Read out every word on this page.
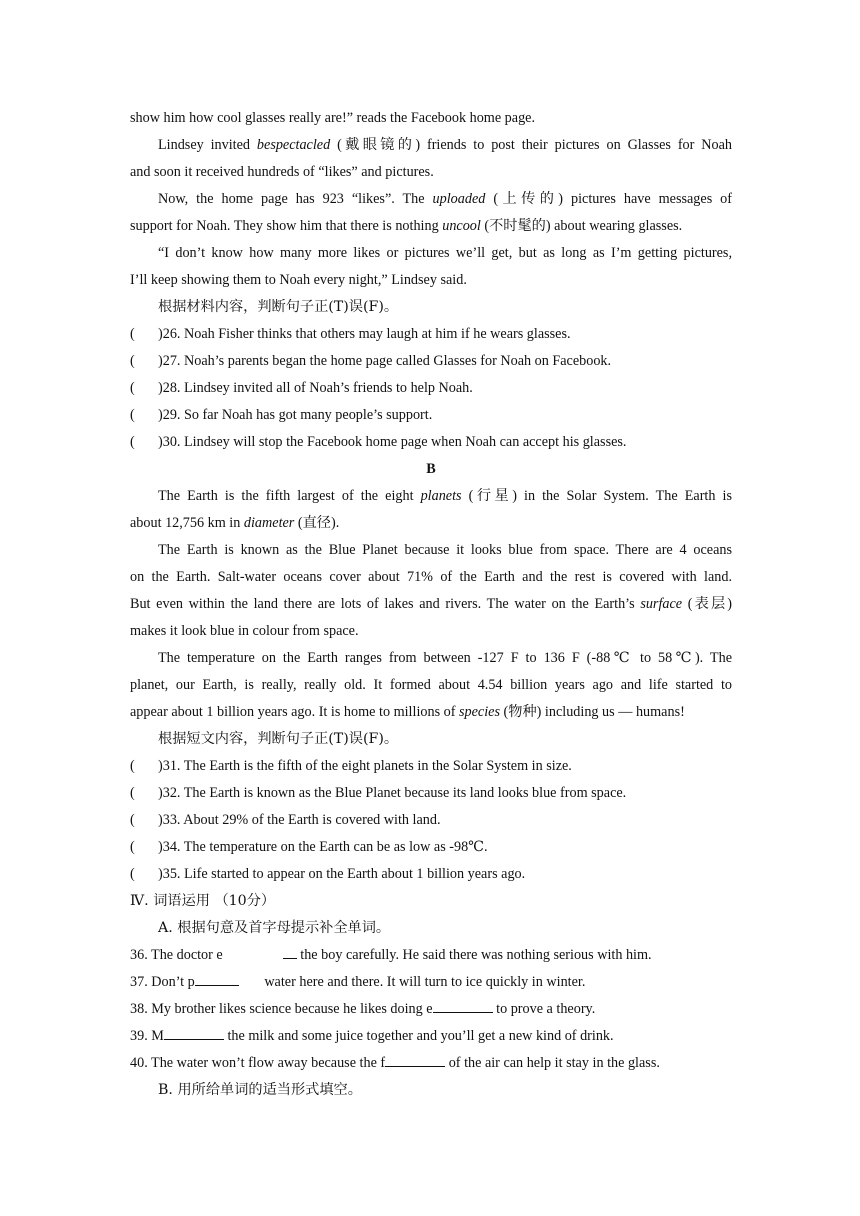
show him how cool glasses really are!” reads the Facebook home page.
Lindsey invited bespectacled (戴眼镜的) friends to post their pictures on Glasses for Noah
and soon it received hundreds of “likes” and pictures.
Now, the home page has 923 “likes”. The uploaded (上传的) pictures have messages of
support for Noah. They show him that there is nothing uncool (不时髦的) about wearing glasses.
“I don’t know how many more likes or pictures we’ll get, but as long as I’m getting pictures,
I’ll keep showing them to Noah every night,” Lindsey said.
根据材料内容，判断句子正(T)误(F)。
( )26. Noah Fisher thinks that others may laugh at him if he wears glasses.
( )27. Noah’s parents began the home page called Glasses for Noah on Facebook.
( )28. Lindsey invited all of Noah’s friends to help Noah.
( )29. So far Noah has got many people’s support.
( )30. Lindsey will stop the Facebook home page when Noah can accept his glasses.
B
The Earth is the fifth largest of the eight planets (行星) in the Solar System. The Earth is
about 12,756 km in diameter (直径).
The Earth is known as the Blue Planet because it looks blue from space. There are 4 oceans
on the Earth. Salt-water oceans cover about 71% of the Earth and the rest is covered with land.
But even within the land there are lots of lakes and rivers. The water on the Earth’s surface (表层)
makes it look blue in colour from space.
The temperature on the Earth ranges from between -127 F to 136 F (-88℃ to 58℃). The
planet, our Earth, is really, really old. It formed about 4.54 billion years ago and life started to
appear about 1 billion years ago. It is home to millions of species (物种) including us — humans!
根据短文内容，判断句子正(T)误(F)。
( )31. The Earth is the fifth of the eight planets in the Solar System in size.
( )32. The Earth is known as the Blue Planet because its land looks blue from space.
( )33. About 29% of the Earth is covered with land.
( )34. The temperature on the Earth can be as low as -98℃.
( )35. Life started to appear on the Earth about 1 billion years ago.
Ⅳ. 词语运用 （10分）
A. 根据句意及首字母提示补全单词。
36. The doctor e	the boy carefully. He said there was nothing serious with him.
37. Don’t p	water here and there. It will turn to ice quickly in winter.
38. My brother likes science because he likes doing e	to prove a theory.
39. M	the milk and some juice together and you’ll get a new kind of drink.
40. The water won’t flow away because the f	of the air can help it stay in the glass.
B. 用所给单词的适当形式填空。
